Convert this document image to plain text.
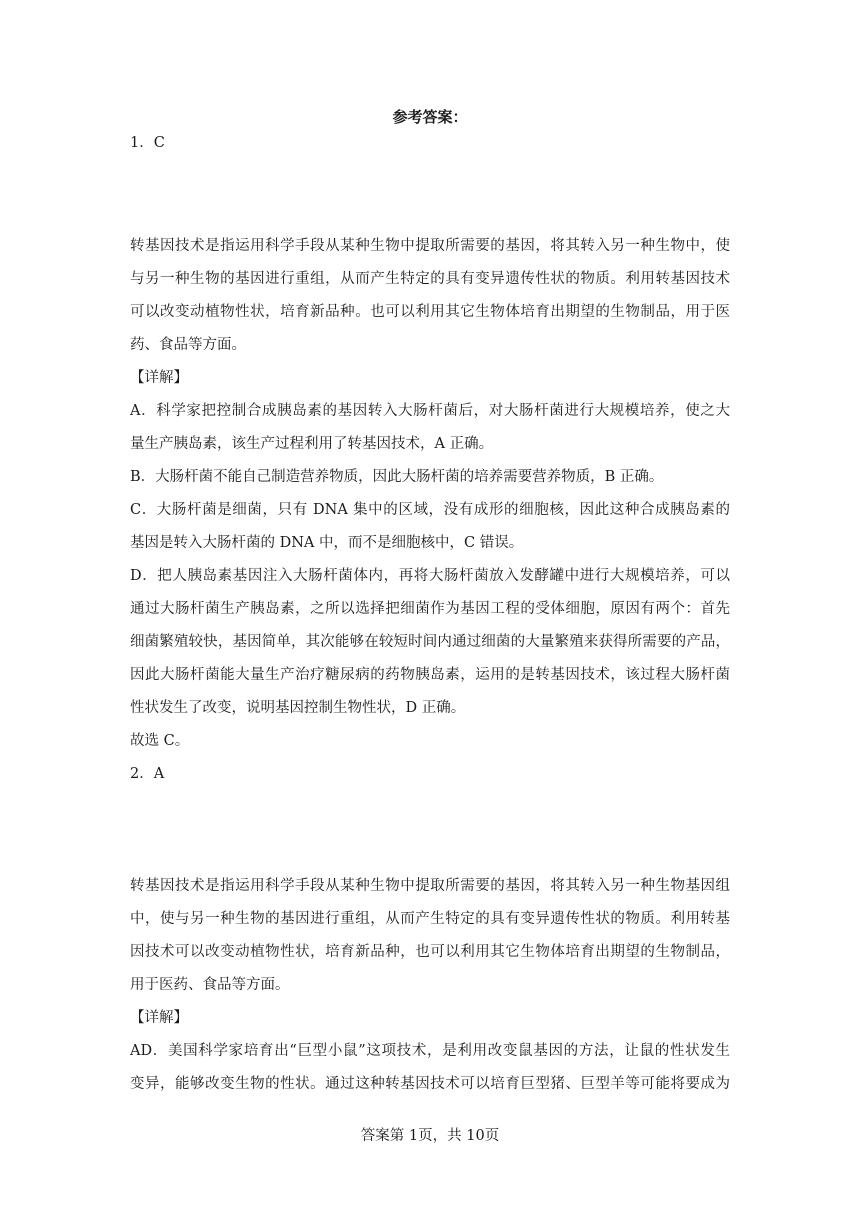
参考答案：
1．C
转基因技术是指运用科学手段从某种生物中提取所需要的基因，将其转入另一种生物中，使
与另一种生物的基因进行重组，从而产生特定的具有变异遗传性状的物质。利用转基因技术
可以改变动植物性状，培育新品种。也可以利用其它生物体培育出期望的生物制品，用于医
药、食品等方面。
【详解】
A．科学家把控制合成胰岛素的基因转入大肠杆菌后，对大肠杆菌进行大规模培养，使之大
量生产胰岛素，该生产过程利用了转基因技术，A 正确。
B．大肠杆菌不能自己制造营养物质，因此大肠杆菌的培养需要营养物质，B 正确。
C．大肠杆菌是细菌，只有 DNA 集中的区域，没有成形的细胞核，因此这种合成胰岛素的
基因是转入大肠杆菌的 DNA 中，而不是细胞核中，C 错误。
D．把人胰岛素基因注入大肠杆菌体内，再将大肠杆菌放入发酵罐中进行大规模培养，可以
通过大肠杆菌生产胰岛素，之所以选择把细菌作为基因工程的受体细胞，原因有两个：首先
细菌繁殖较快，基因简单，其次能够在较短时间内通过细菌的大量繁殖来获得所需要的产品，
因此大肠杆菌能大量生产治疗糖尿病的药物胰岛素，运用的是转基因技术，该过程大肠杆菌
性状发生了改变，说明基因控制生物性状，D 正确。
故选 C。
2．A
转基因技术是指运用科学手段从某种生物中提取所需要的基因，将其转入另一种生物基因组
中，使与另一种生物的基因进行重组，从而产生特定的具有变异遗传性状的物质。利用转基
因技术可以改变动植物性状，培育新品种，也可以利用其它生物体培育出期望的生物制品，
用于医药、食品等方面。
【详解】
AD．美国科学家培育出“巨型小鼠”这项技术，是利用改变鼠基因的方法，让鼠的性状发生
变异，能够改变生物的性状。通过这种转基因技术可以培育巨型猪、巨型羊等可能将要成为
答案第 1页，共 10页
